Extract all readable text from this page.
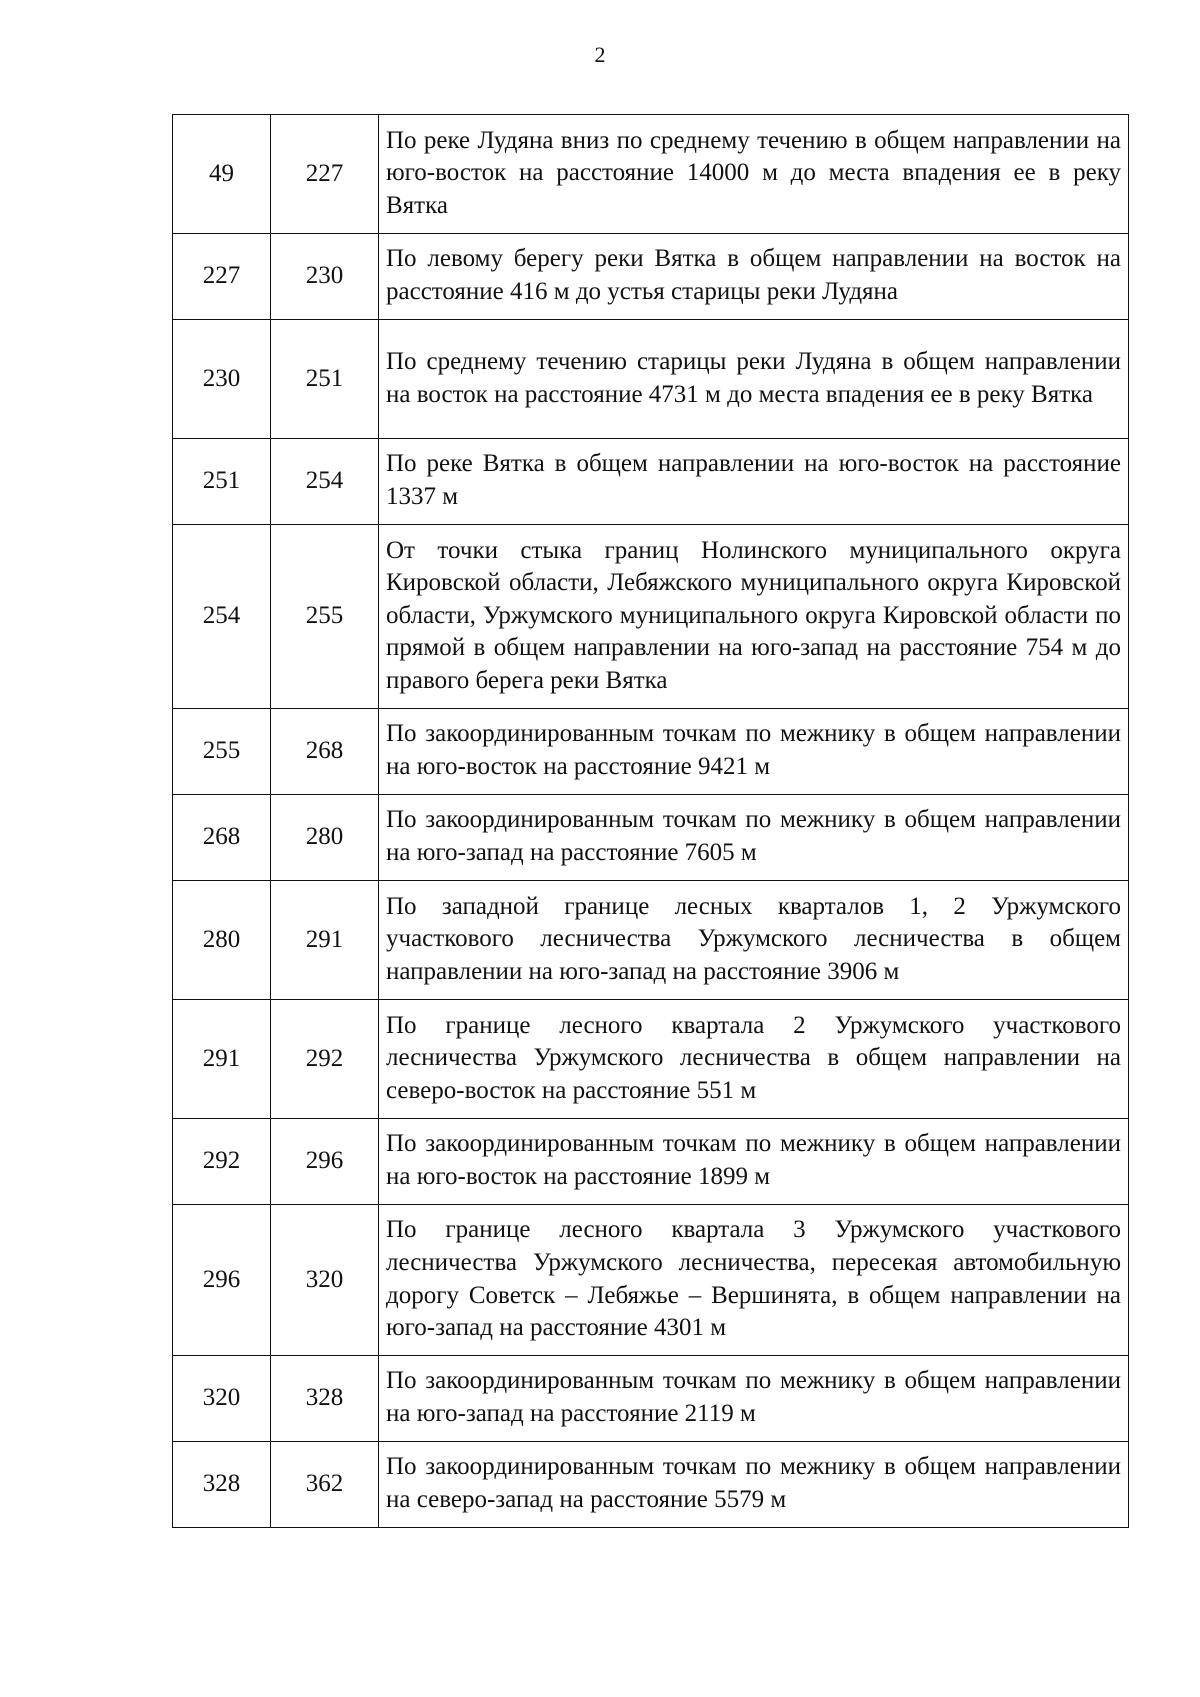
2
49	227	По реке Лудяна вниз по среднему течению в общем направлении на юго-восток на расстояние 14000 м до места впадения ее в реку Вятка

227	230	По левому берегу реки Вятка в общем направлении на восток на расстояние 416 м до устья старицы реки Лудяна

230	251	По среднему течению старицы реки Лудяна в общем направлении на восток на расстояние 4731 м до места впадения ее в реку Вятка

251	254	По реке Вятка в общем направлении на юго-восток на расстояние 1337 м

254	255	От точки стыка границ Нолинского муниципального округа Кировской области, Лебяжского муниципального округа Кировской области, Уржумского муниципального округа Кировской области по прямой в общем направлении на юго-запад на расстояние 754 м до правого берега реки Вятка

255	268	По закоординированным точкам по межнику в общем направлении на юго-восток на расстояние 9421 м

268	280	По закоординированным точкам по межнику в общем направлении на юго-запад на расстояние 7605 м

280	291	По западной границе лесных кварталов 1, 2 Уржумского участкового лесничества Уржумского лесничества в общем направлении на юго-запад на расстояние 3906 м

291	292	По границе лесного квартала 2 Уржумского участкового лесничества Уржумского лесничества в общем направлении на северо-восток на расстояние 551 м

292	296	По закоординированным точкам по межнику в общем направлении на юго-восток на расстояние 1899 м

296	320	По границе лесного квартала 3 Уржумского участкового лесничества Уржумского лесничества, пересекая автомобильную дорогу Советск – Лебяжье – Вершинята, в общем направлении на юго-запад на расстояние 4301 м

320	328	По закоординированным точкам по межнику в общем направлении на юго-запад на расстояние 2119 м

328	362	По закоординированным точкам по межнику в общем направлении на северо-запад на расстояние 5579 м
